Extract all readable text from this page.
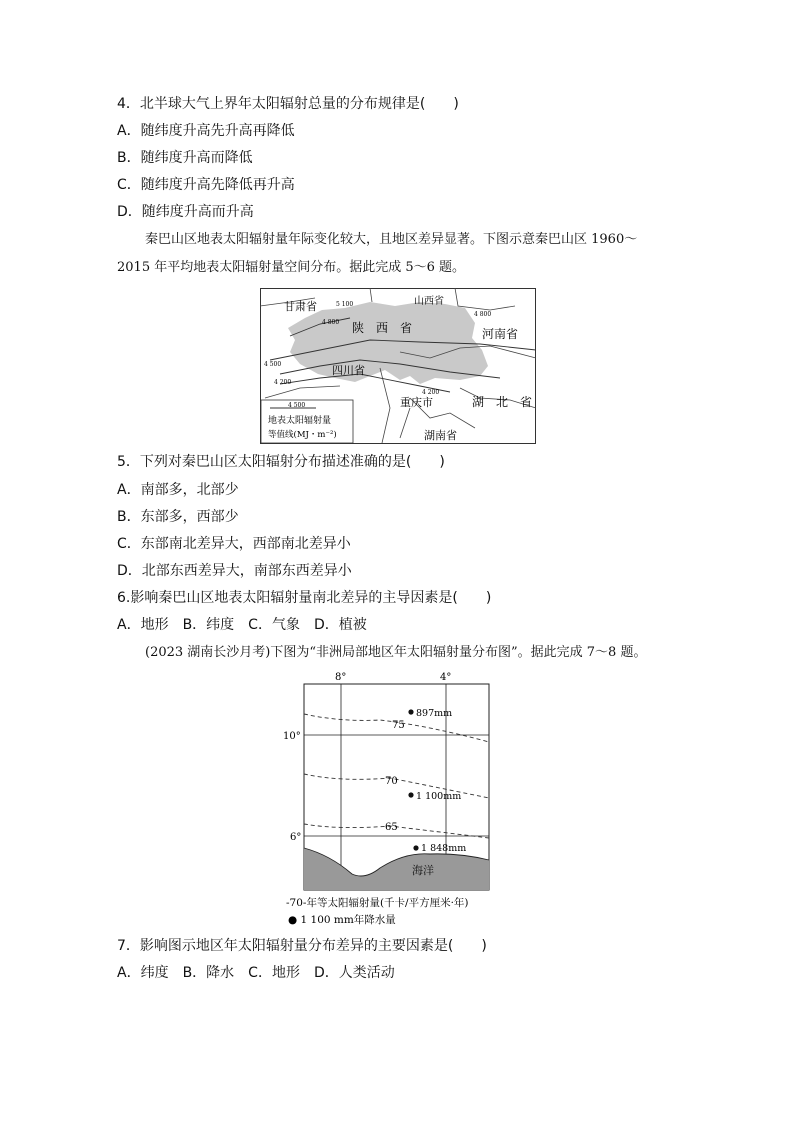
4．北半球大气上界年太阳辐射总量的分布规律是(　　)
A．随纬度升高先升高再降低
B．随纬度升高而降低
C．随纬度升高先降低再升高
D．随纬度升高而升高
秦巴山区地表太阳辐射量年际变化较大，且地区差异显著。下图示意秦巴山区 1960～
2015 年平均地表太阳辐射量空间分布。据此完成 5～6 题。
甘肃省	山西省
陕　西　省	河南省
四川省
重庆市	湖　北　省
湖南省
5 100
4 800
4 800
4 500
4 200
4 200
4 500
地表太阳辐射量
等值线(MJ・m⁻²)
5．下列对秦巴山区太阳辐射分布描述准确的是(　　)
A．南部多，北部少
B．东部多，西部少
C．东部南北差异大，西部南北差异小
D．北部东西差异大，南部东西差异小
6.影响秦巴山区地表太阳辐射量南北差异的主导因素是(　　)
A．地形　B．纬度　C．气象　D．植被
(2023 湖南长沙月考)下图为“非洲局部地区年太阳辐射量分布图”。据此完成 7～8 题。
海洋
75
70
65
897mm
1 100mm
1 848mm
8°	4°
10°
6°
-70-年等太阳辐射量(千卡/平方厘米·年)
● 1 100 mm年降水量
7．影响图示地区年太阳辐射量分布差异的主要因素是(　　)
A．纬度　B．降水　C．地形　D．人类活动
